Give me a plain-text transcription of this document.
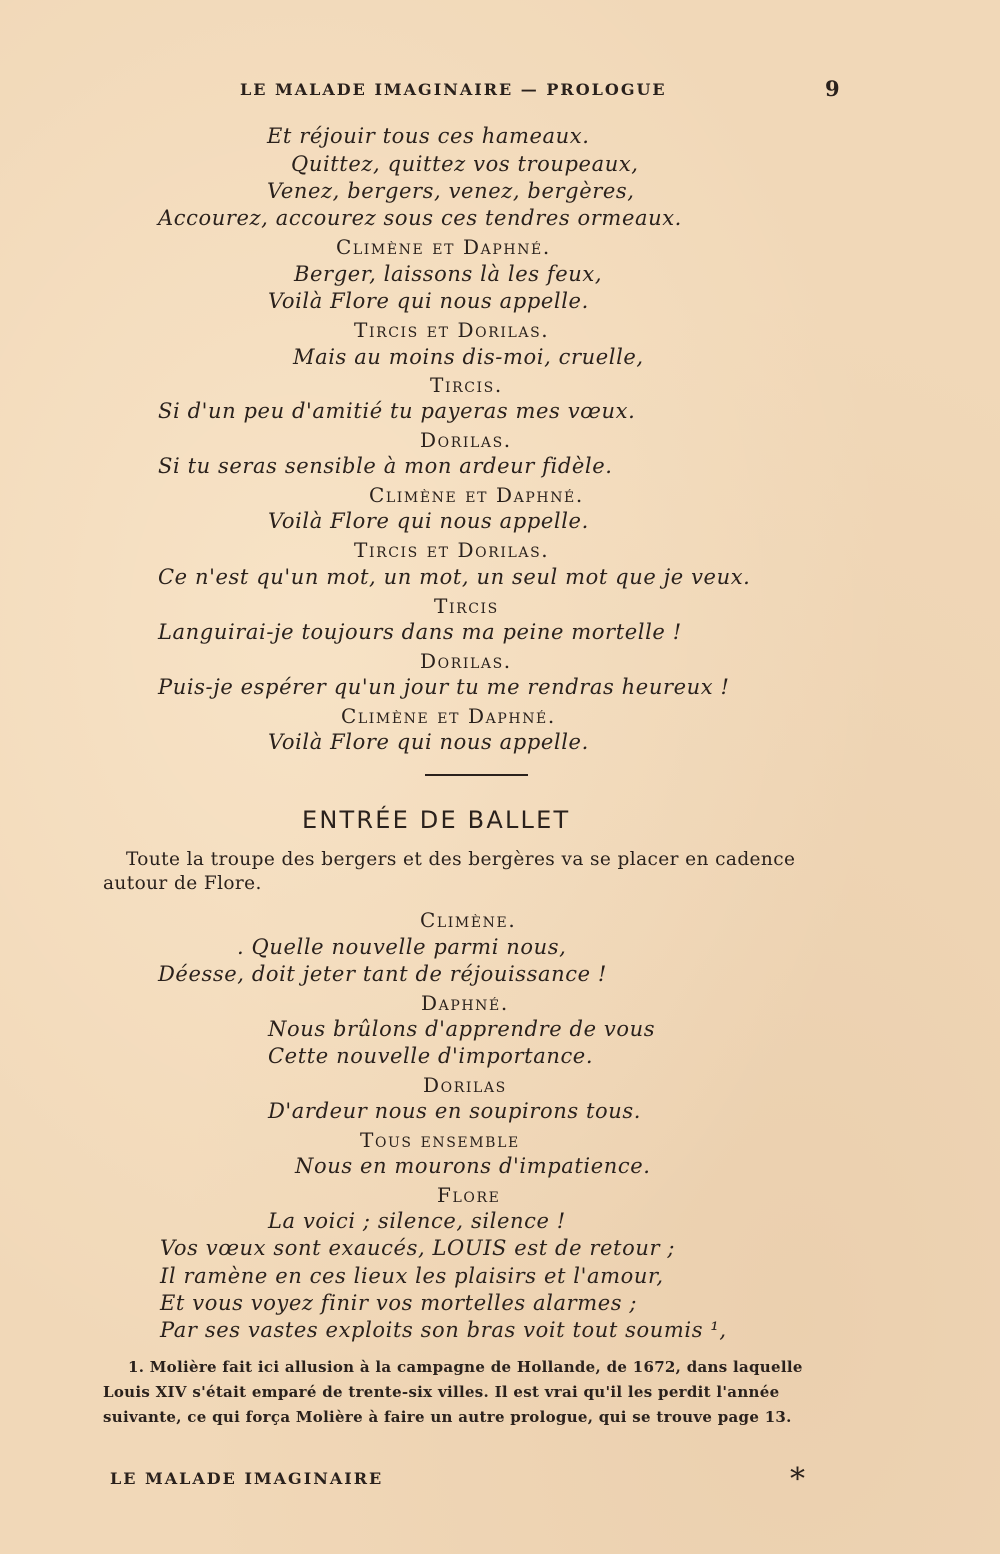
LE MALADE IMAGINAIRE — PROLOGUE	9
Et réjouir tous ces hameaux.
Quittez, quittez vos troupeaux,
Venez, bergers, venez, bergères,
Accourez, accourez sous ces tendres ormeaux.
Climène et Daphné.
Berger, laissons là les feux,
Voilà Flore qui nous appelle.
Tircis et Dorilas.
Mais au moins dis-moi, cruelle,
Tircis.
Si d'un peu d'amitié tu payeras mes vœux.
Dorilas.
Si tu seras sensible à mon ardeur fidèle.
Climène et Daphné.
Voilà Flore qui nous appelle.
Tircis et Dorilas.
Ce n'est qu'un mot, un mot, un seul mot que je veux.
Tircis
Languirai-je toujours dans ma peine mortelle !
Dorilas.
Puis-je espérer qu'un jour tu me rendras heureux !
Climène et Daphné.
Voilà Flore qui nous appelle.
ENTRÉE DE BALLET
Toute la troupe des bergers et des bergères va se placer en cadence
autour de Flore.
Climène.
. Quelle nouvelle parmi nous,
Déesse, doit jeter tant de réjouissance !
Daphné.
Nous brûlons d'apprendre de vous
Cette nouvelle d'importance.
Dorilas
D'ardeur nous en soupirons tous.
Tous ensemble
Nous en mourons d'impatience.
Flore
La voici ; silence, silence !
Vos vœux sont exaucés, LOUIS est de retour ;
Il ramène en ces lieux les plaisirs et l'amour,
Et vous voyez finir vos mortelles alarmes ;
Par ses vastes exploits son bras voit tout soumis ¹,
1. Molière fait ici allusion à la campagne de Hollande, de 1672, dans laquelle
Louis XIV s'était emparé de trente-six villes. Il est vrai qu'il les perdit l'année
suivante, ce qui força Molière à faire un autre prologue, qui se trouve page 13.
LE MALADE IMAGINAIRE	*
